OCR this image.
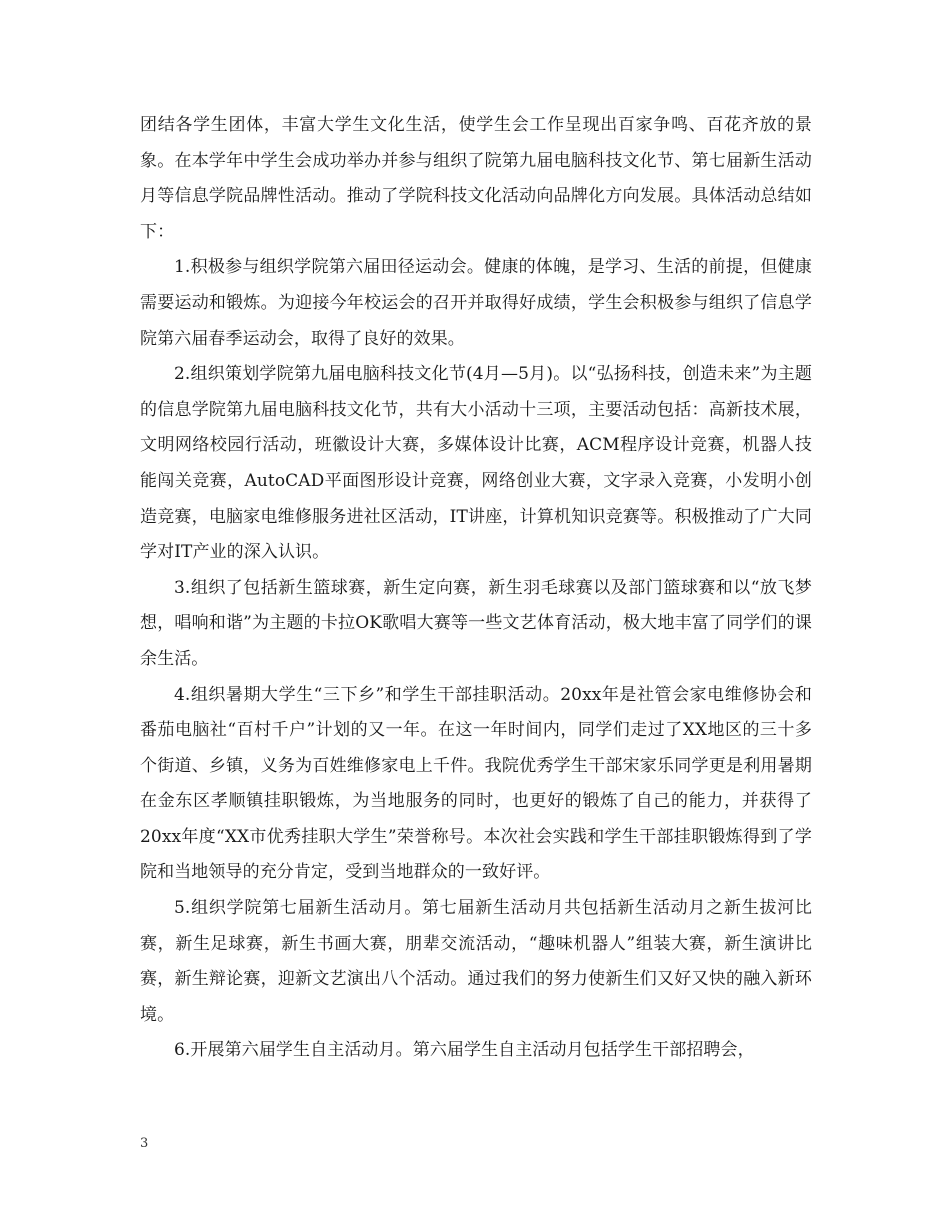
团结各学生团体，丰富大学生文化生活，使学生会工作呈现出百家争鸣、百花齐放的景象。在本学年中学生会成功举办并参与组织了院第九届电脑科技文化节、第七届新生活动月等信息学院品牌性活动。推动了学院科技文化活动向品牌化方向发展。具体活动总结如下：

1.积极参与组织学院第六届田径运动会。健康的体魄，是学习、生活的前提，但健康需要运动和锻炼。为迎接今年校运会的召开并取得好成绩，学生会积极参与组织了信息学院第六届春季运动会，取得了良好的效果。

2.组织策划学院第九届电脑科技文化节(4月—5月)。以“弘扬科技，创造未来”为主题的信息学院第九届电脑科技文化节，共有大小活动十三项，主要活动包括：高新技术展，文明网络校园行活动，班徽设计大赛，多媒体设计比赛，ACM程序设计竞赛，机器人技能闯关竞赛，AutoCAD平面图形设计竞赛，网络创业大赛，文字录入竞赛，小发明小创造竞赛，电脑家电维修服务进社区活动，IT讲座，计算机知识竞赛等。积极推动了广大同学对IT产业的深入认识。

3.组织了包括新生篮球赛，新生定向赛，新生羽毛球赛以及部门篮球赛和以“放飞梦想，唱响和谐”为主题的卡拉OK歌唱大赛等一些文艺体育活动，极大地丰富了同学们的课余生活。

4.组织暑期大学生“三下乡”和学生干部挂职活动。20xx年是社管会家电维修协会和番茄电脑社“百村千户”计划的又一年。在这一年时间内，同学们走过了XX地区的三十多个街道、乡镇，义务为百姓维修家电上千件。我院优秀学生干部宋家乐同学更是利用暑期在金东区孝顺镇挂职锻炼，为当地服务的同时，也更好的锻炼了自己的能力，并获得了20xx年度“XX市优秀挂职大学生”荣誉称号。本次社会实践和学生干部挂职锻炼得到了学院和当地领导的充分肯定，受到当地群众的一致好评。

5.组织学院第七届新生活动月。第七届新生活动月共包括新生活动月之新生拔河比赛，新生足球赛，新生书画大赛，朋辈交流活动，“趣味机器人”组装大赛，新生演讲比赛，新生辩论赛，迎新文艺演出八个活动。通过我们的努力使新生们又好又快的融入新环境。

6.开展第六届学生自主活动月。第六届学生自主活动月包括学生干部招聘会，

3
